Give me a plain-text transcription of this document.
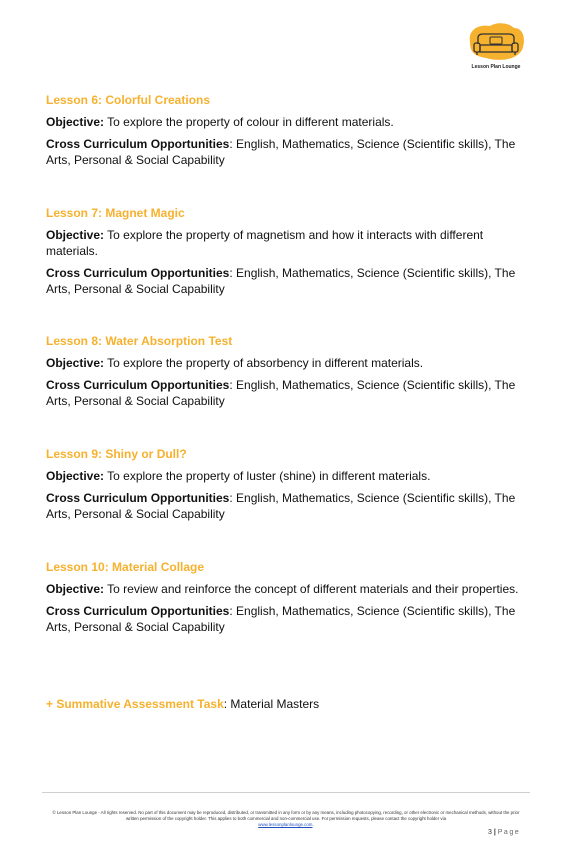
Lesson Plan Lounge
Lesson 6: Colorful Creations
Objective: To explore the property of colour in different materials.
Cross Curriculum Opportunities: English, Mathematics, Science (Scientific skills), The Arts, Personal & Social Capability
Lesson 7: Magnet Magic
Objective: To explore the property of magnetism and how it interacts with different materials.
Cross Curriculum Opportunities: English, Mathematics, Science (Scientific skills), The Arts, Personal & Social Capability
Lesson 8: Water Absorption Test
Objective: To explore the property of absorbency in different materials.
Cross Curriculum Opportunities: English, Mathematics, Science (Scientific skills), The Arts, Personal & Social Capability
Lesson 9: Shiny or Dull?
Objective: To explore the property of luster (shine) in different materials.
Cross Curriculum Opportunities: English, Mathematics, Science (Scientific skills), The Arts, Personal & Social Capability
Lesson 10: Material Collage
Objective: To review and reinforce the concept of different materials and their properties.
Cross Curriculum Opportunities: English, Mathematics, Science (Scientific skills), The Arts, Personal & Social Capability
+ Summative Assessment Task: Material Masters
© Lesson Plan Lounge - All rights reserved. No part of this document may be reproduced, distributed, or transmitted in any form or by any means, including photocopying, recording, or other electronic or mechanical methods, without the prior written permission of the copyright holder. This applies to both commercial and non-commercial use. For permission requests, please contact the copyright holder via
www.lessonplanlounge.com.
3 | Page
